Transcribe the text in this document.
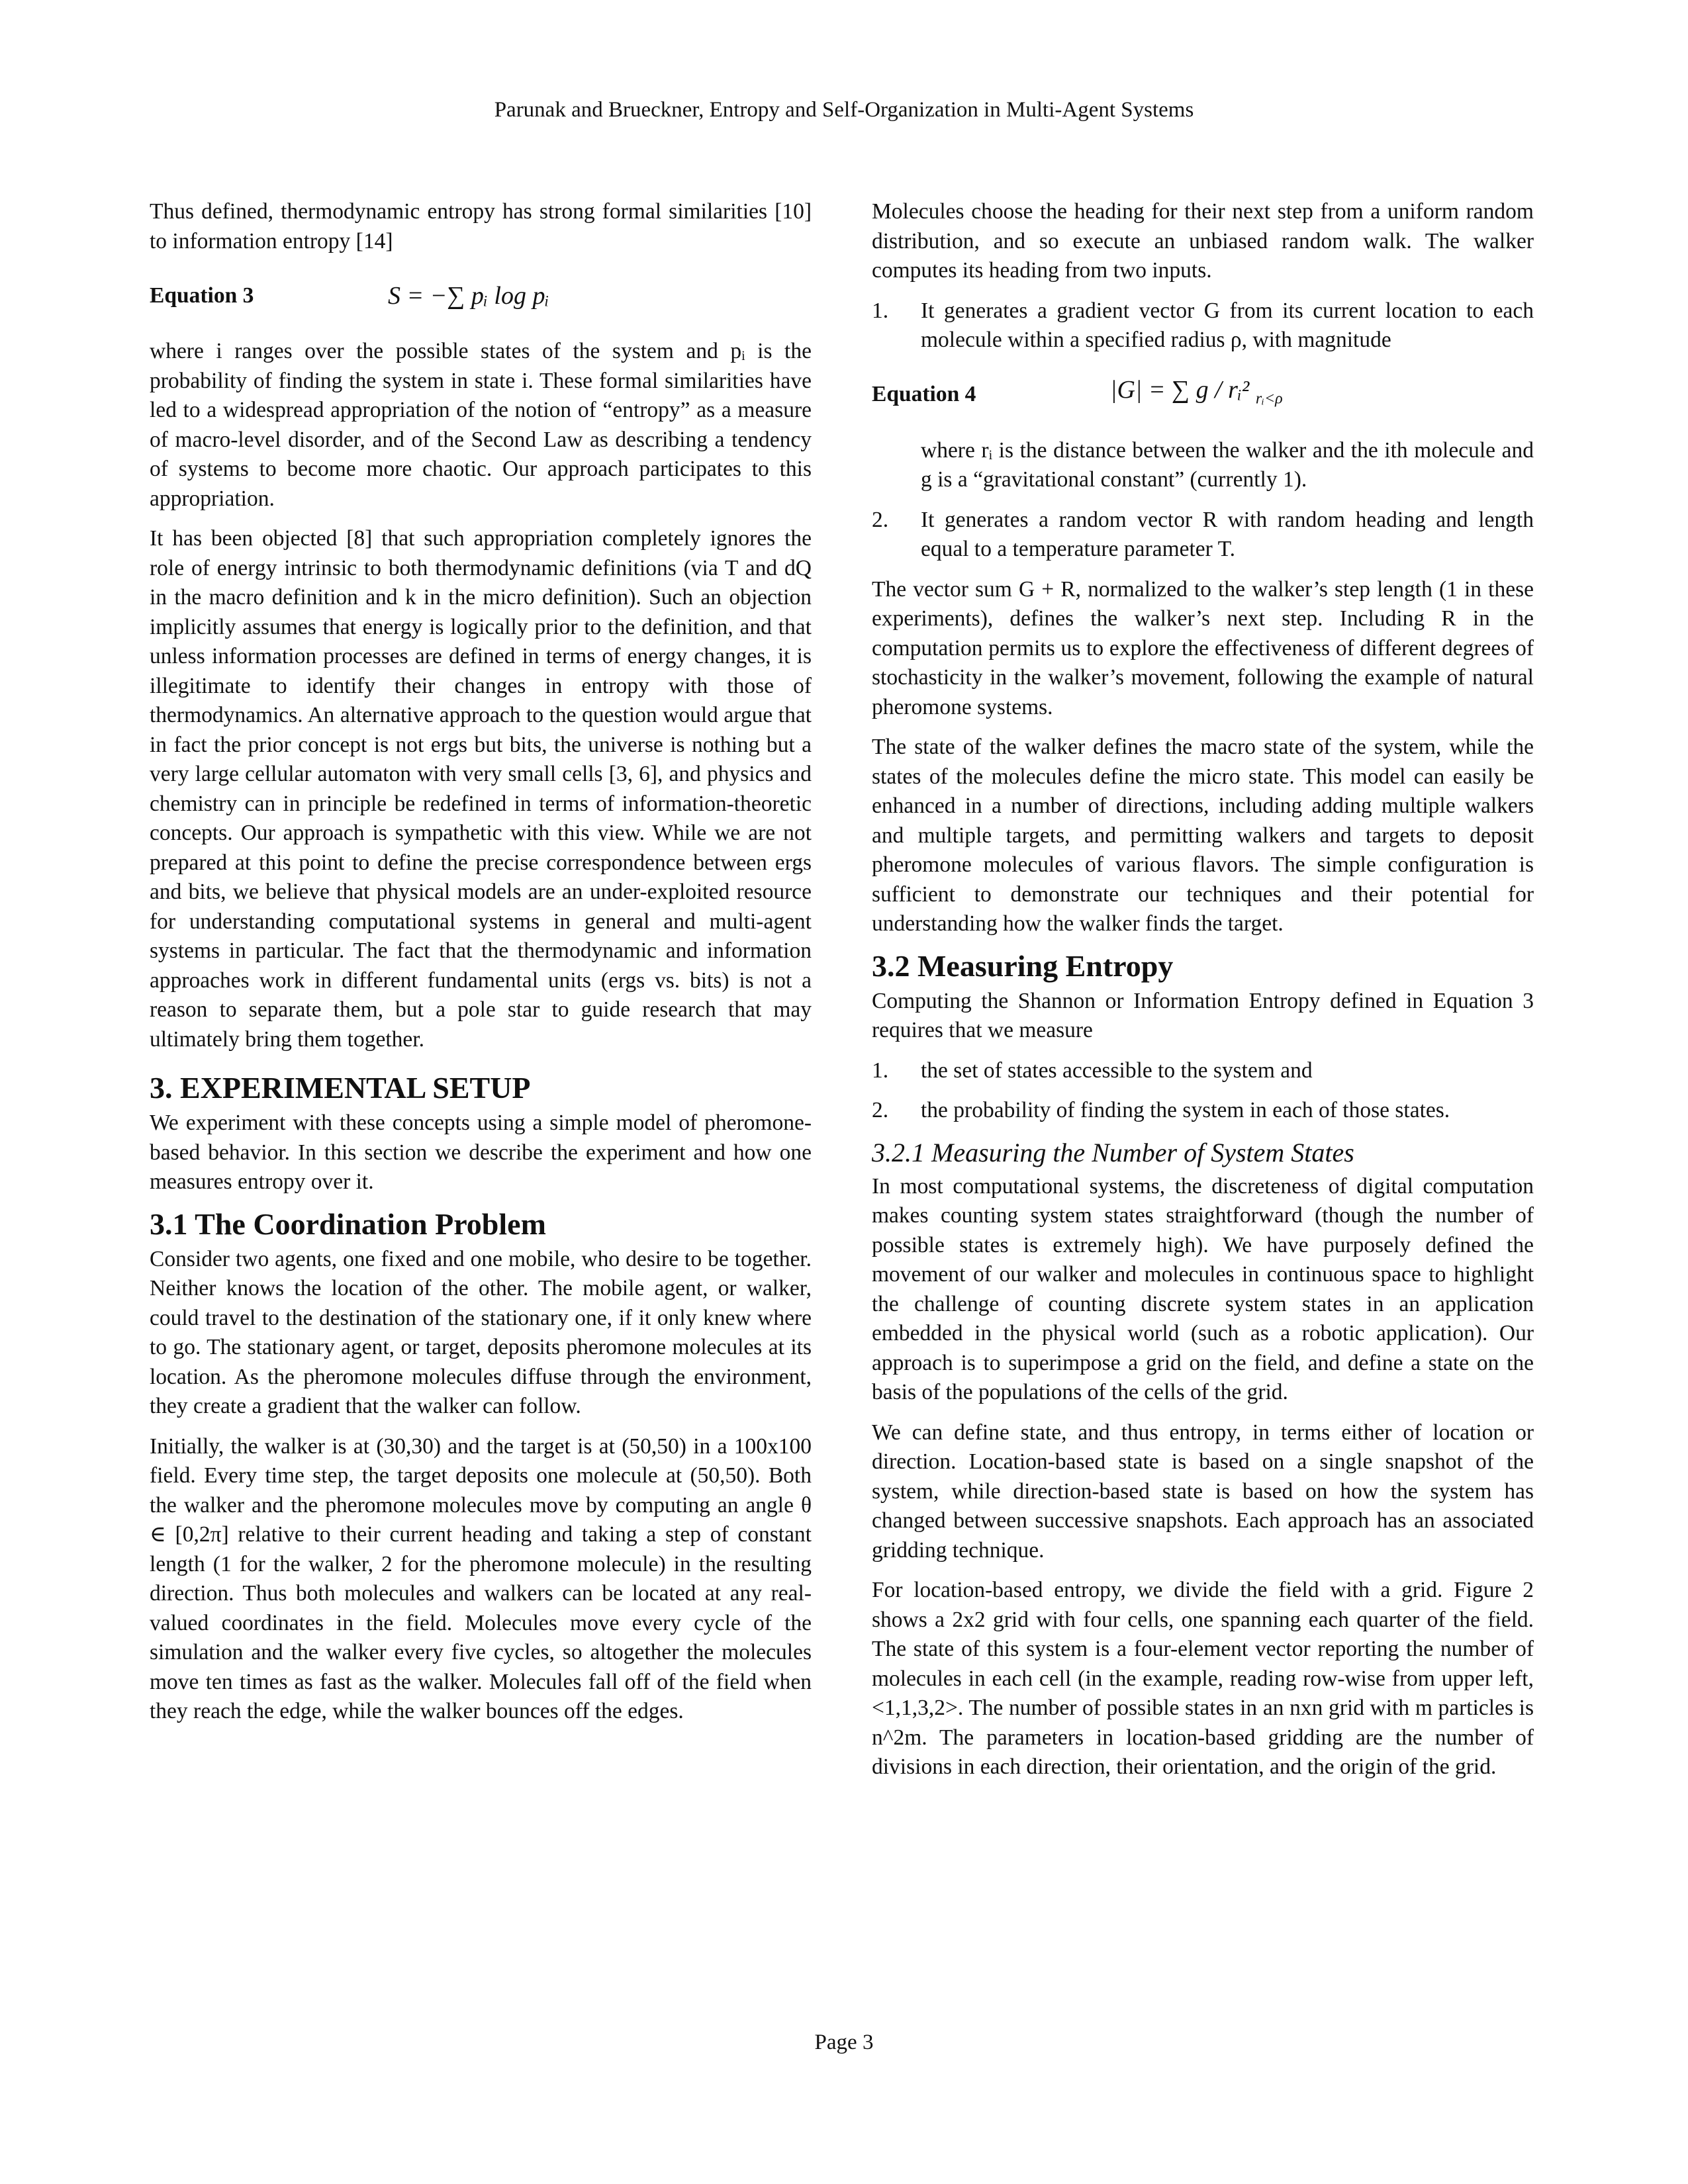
Parunak and Brueckner, Entropy and Self-Organization in Multi-Agent Systems

Thus defined, thermodynamic entropy has strong formal similarities [10] to information entropy [14]

Equation 3	S = −∑ pᵢ log pᵢ

where i ranges over the possible states of the system and pᵢ is the probability of finding the system in state i. These formal similarities have led to a widespread appropriation of the notion of “entropy” as a measure of macro-level disorder, and of the Second Law as describing a tendency of systems to become more chaotic. Our approach participates to this appropriation.

It has been objected [8] that such appropriation completely ignores the role of energy intrinsic to both thermodynamic definitions (via T and dQ in the macro definition and k in the micro definition). Such an objection implicitly assumes that energy is logically prior to the definition, and that unless information processes are defined in terms of energy changes, it is illegitimate to identify their changes in entropy with those of thermodynamics. An alternative approach to the question would argue that in fact the prior concept is not ergs but bits, the universe is nothing but a very large cellular automaton with very small cells [3, 6], and physics and chemistry can in principle be redefined in terms of information-theoretic concepts. Our approach is sympathetic with this view. While we are not prepared at this point to define the precise correspondence between ergs and bits, we believe that physical models are an under-exploited resource for understanding computational systems in general and multi-agent systems in particular. The fact that the thermodynamic and information approaches work in different fundamental units (ergs vs. bits) is not a reason to separate them, but a pole star to guide research that may ultimately bring them together.

3. EXPERIMENTAL SETUP

We experiment with these concepts using a simple model of pheromone-based behavior. In this section we describe the experiment and how one measures entropy over it.

3.1 The Coordination Problem

Consider two agents, one fixed and one mobile, who desire to be together. Neither knows the location of the other. The mobile agent, or walker, could travel to the destination of the stationary one, if it only knew where to go. The stationary agent, or target, deposits pheromone molecules at its location. As the pheromone molecules diffuse through the environment, they create a gradient that the walker can follow.

Initially, the walker is at (30,30) and the target is at (50,50) in a 100x100 field. Every time step, the target deposits one molecule at (50,50). Both the walker and the pheromone molecules move by computing an angle θ ∈ [0,2π] relative to their current heading and taking a step of constant length (1 for the walker, 2 for the pheromone molecule) in the resulting direction. Thus both molecules and walkers can be located at any real-valued coordinates in the field. Molecules move every cycle of the simulation and the walker every five cycles, so altogether the molecules move ten times as fast as the walker. Molecules fall off of the field when they reach the edge, while the walker bounces off the edges.

Molecules choose the heading for their next step from a uniform random distribution, and so execute an unbiased random walk. The walker computes its heading from two inputs.

1.	It generates a gradient vector G from its current location to each molecule within a specified radius ρ, with magnitude
Equation 4	|G| = ∑ g / rᵢ² $_{rᵢ<\rho}$

where rᵢ is the distance between the walker and the ith molecule and g is a “gravitational constant” (currently 1).

2.	It generates a random vector R with random heading and length equal to a temperature parameter T.

The vector sum G + R, normalized to the walker’s step length (1 in these experiments), defines the walker’s next step. Including R in the computation permits us to explore the effectiveness of different degrees of stochasticity in the walker’s movement, following the example of natural pheromone systems.

The state of the walker defines the macro state of the system, while the states of the molecules define the micro state. This model can easily be enhanced in a number of directions, including adding multiple walkers and multiple targets, and permitting walkers and targets to deposit pheromone molecules of various flavors. The simple configuration is sufficient to demonstrate our techniques and their potential for understanding how the walker finds the target.

3.2 Measuring Entropy

Computing the Shannon or Information Entropy defined in Equation 3 requires that we measure

1.	the set of states accessible to the system and
2.	the probability of finding the system in each of those states.
3.2.1 Measuring the Number of System States

In most computational systems, the discreteness of digital computation makes counting system states straightforward (though the number of possible states is extremely high). We have purposely defined the movement of our walker and molecules in continuous space to highlight the challenge of counting discrete system states in an application embedded in the physical world (such as a robotic application). Our approach is to superimpose a grid on the field, and define a state on the basis of the populations of the cells of the grid.

We can define state, and thus entropy, in terms either of location or direction. Location-based state is based on a single snapshot of the system, while direction-based state is based on how the system has changed between successive snapshots. Each approach has an associated gridding technique.

For location-based entropy, we divide the field with a grid. Figure 2 shows a 2x2 grid with four cells, one spanning each quarter of the field. The state of this system is a four-element vector reporting the number of molecules in each cell (in the example, reading row-wise from upper left, <1,1,3,2>. The number of possible states in an nxn grid with m particles is n^2m. The parameters in location-based gridding are the number of divisions in each direction, their orientation, and the origin of the grid.

Page 3
